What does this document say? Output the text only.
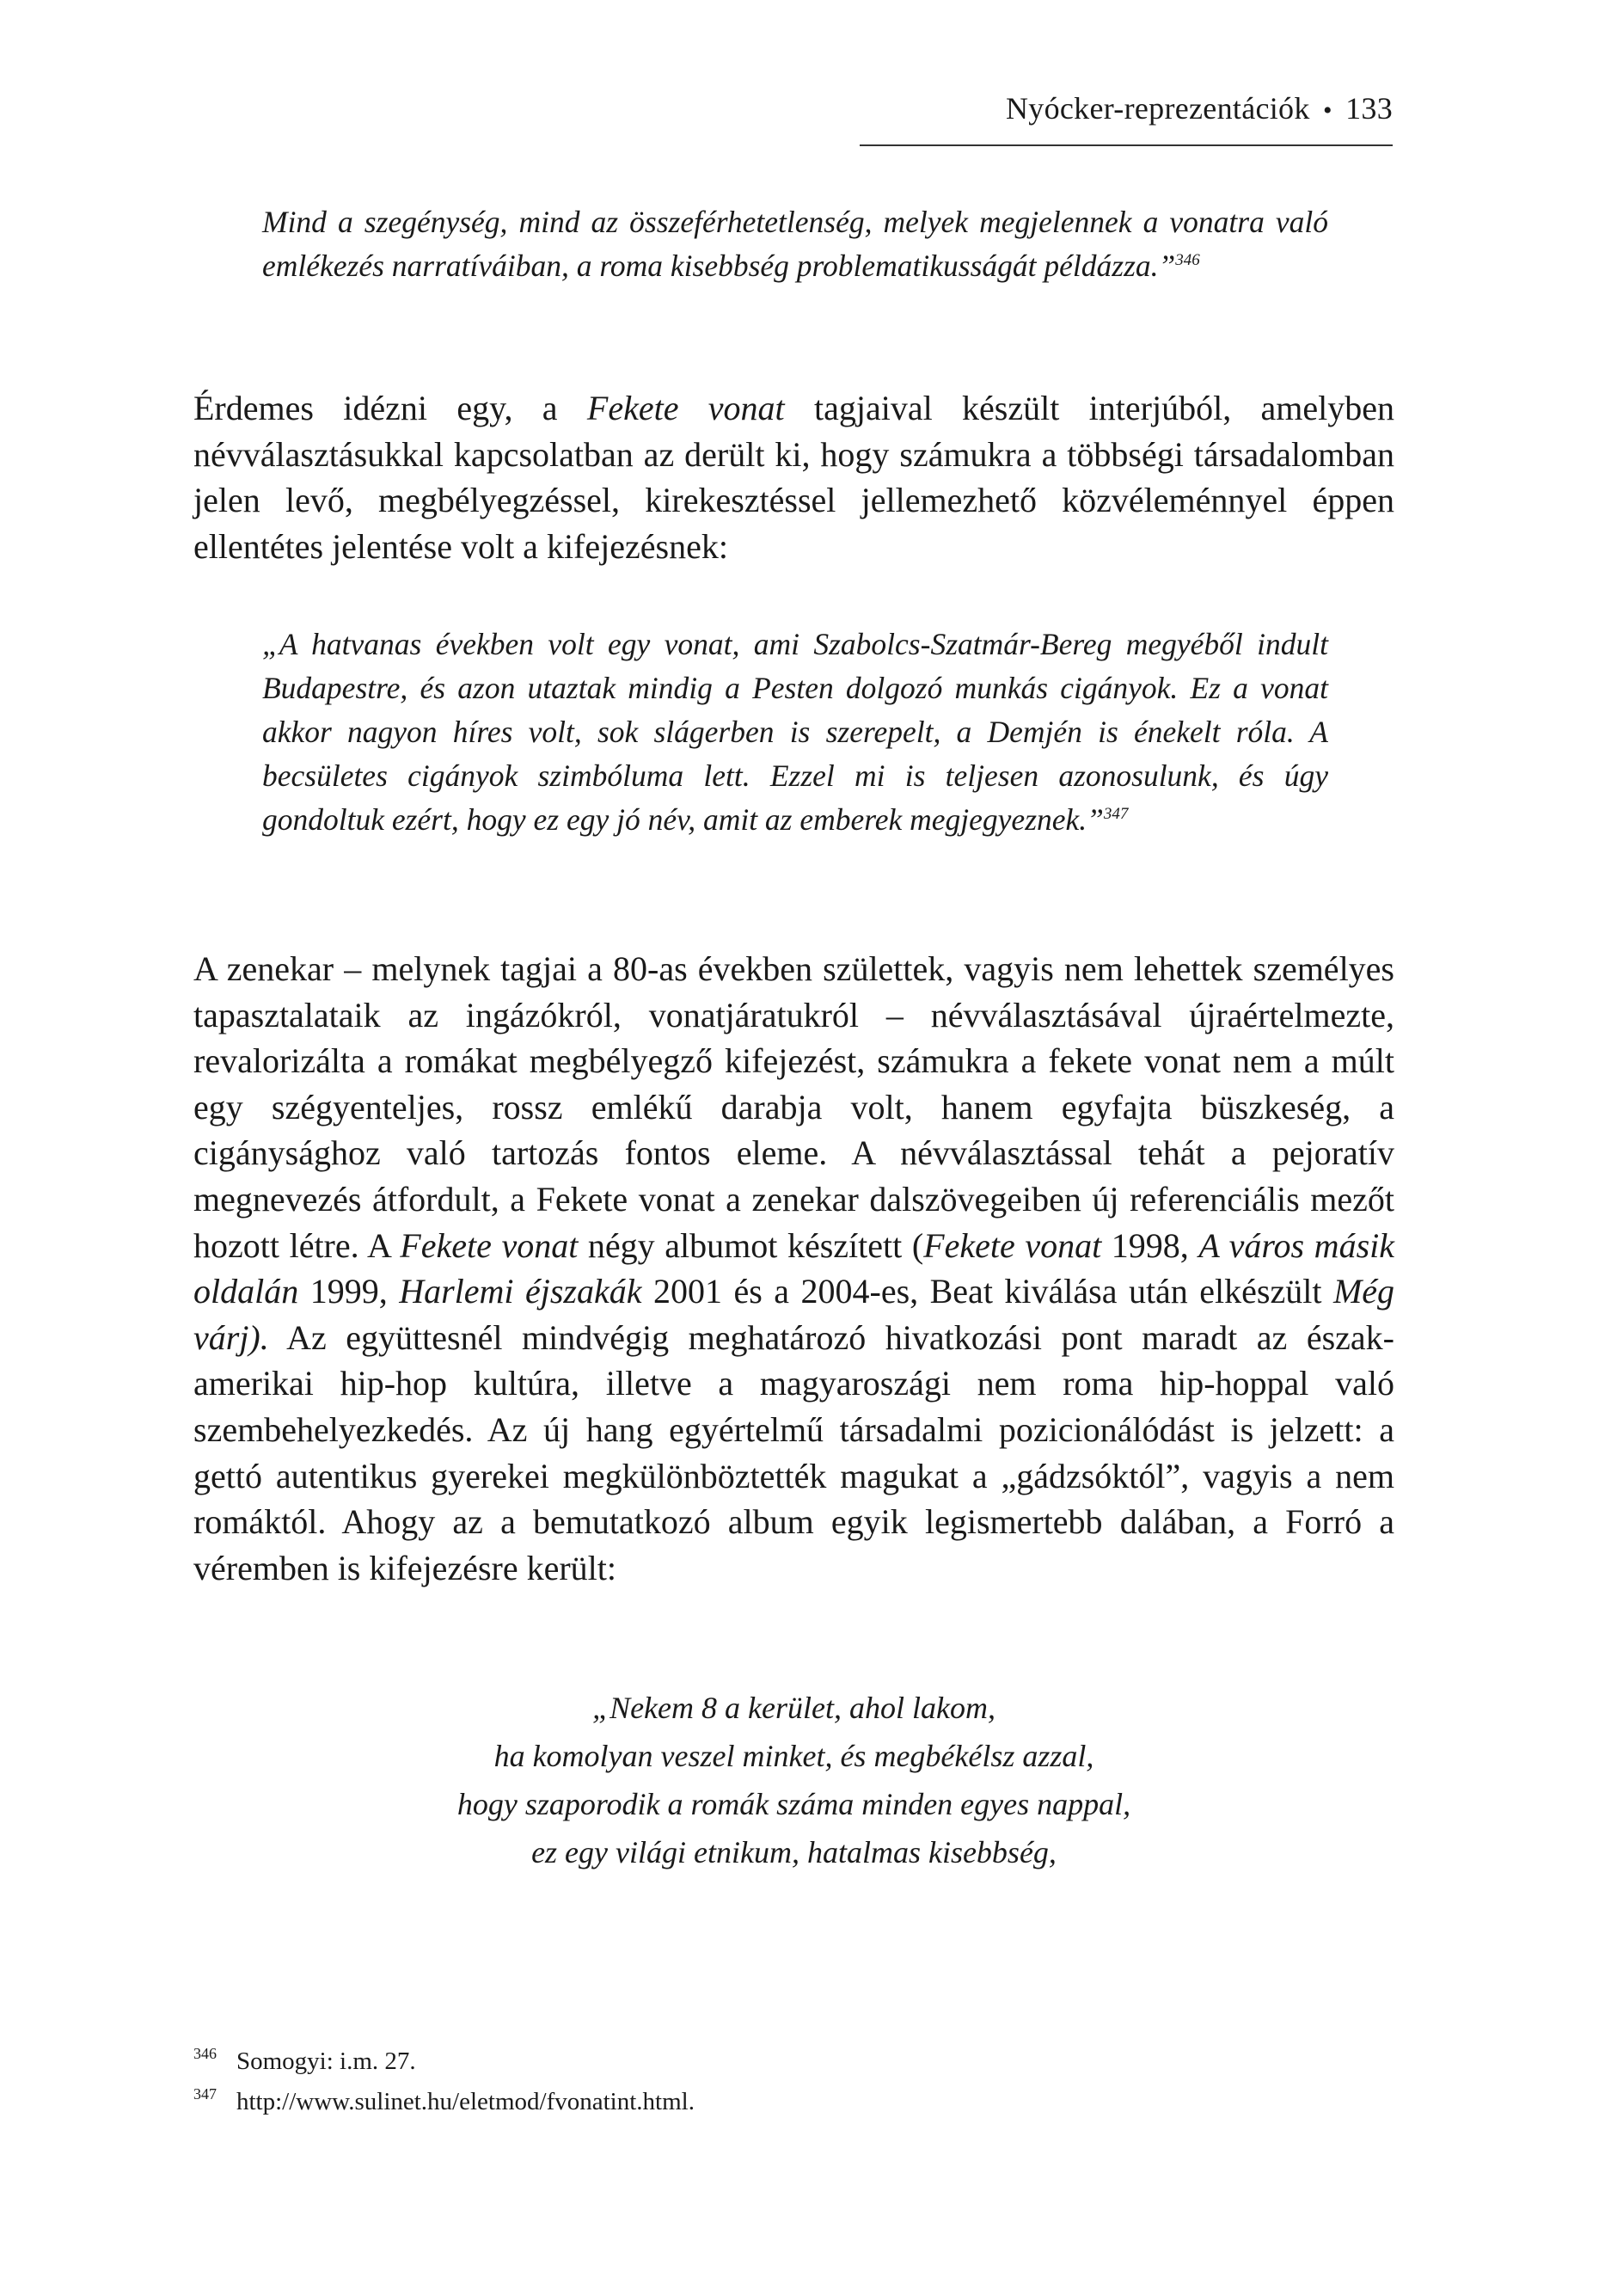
Nyócker-reprezentációk • 133

Mind a szegénység, mind az összeférhetetlenség, melyek megjelennek a vonatra való emlékezés narratíváiban, a roma kisebbség problematikusságát példázza.”$^{346}$

Érdemes idézni egy, a Fekete vonat tagjaival készült interjúból, amelyben névválasztásukkal kapcsolatban az derült ki, hogy számukra a többségi társadalomban jelen levő, megbélyegzéssel, kirekesztéssel jellemezhető közvéleménnyel éppen ellentétes jelentése volt a kifejezésnek:

„A hatvanas években volt egy vonat, ami Szabolcs-Szatmár-Bereg megyéből indult Budapestre, és azon utaztak mindig a Pesten dolgozó munkás cigányok. Ez a vonat akkor nagyon híres volt, sok slágerben is szerepelt, a Demjén is énekelt róla. A becsületes cigányok szimbóluma lett. Ezzel mi is teljesen azonosulunk, és úgy gondoltuk ezért, hogy ez egy jó név, amit az emberek megjegyeznek.”$^{347}$

A zenekar – melynek tagjai a 80-as években születtek, vagyis nem lehettek személyes tapasztalataik az ingázókról, vonatjáratukról – névválasztásával újraértelmezte, revalorizálta a romákat megbélyegző kifejezést, számukra a fekete vonat nem a múlt egy szégyenteljes, rossz emlékű darabja volt, hanem egyfajta büszkeség, a cigánysághoz való tartozás fontos eleme. A névválasztással tehát a pejoratív megnevezés átfordult, a Fekete vonat a zenekar dalszövegeiben új referenciális mezőt hozott létre. A Fekete vonat négy albumot készített (Fekete vonat 1998, A város másik oldalán 1999, Harlemi éjszakák 2001 és a 2004-es, Beat kiválása után elkészült Még várj). Az együttesnél mindvégig meghatározó hivatkozási pont maradt az észak-amerikai hip-hop kultúra, illetve a magyaroszági nem roma hip-hoppal való szembehelyezkedés. Az új hang egyértelmű társadalmi pozicionálódást is jelzett: a gettó autentikus gyerekei megkülönböztették magukat a „gádzsóktól”, vagyis a nem romáktól. Ahogy az a bemutatkozó album egyik legismertebb dalában, a Forró a véremben is kifejezésre került:

„Nekem 8 a kerület, ahol lakom,
ha komolyan veszel minket, és megbékélsz azzal,
hogy szaporodik a romák száma minden egyes nappal,
ez egy világi etnikum, hatalmas kisebbség,
346 Somogyi: i.m. 27.
347 http://www.sulinet.hu/eletmod/fvonatint.html.
